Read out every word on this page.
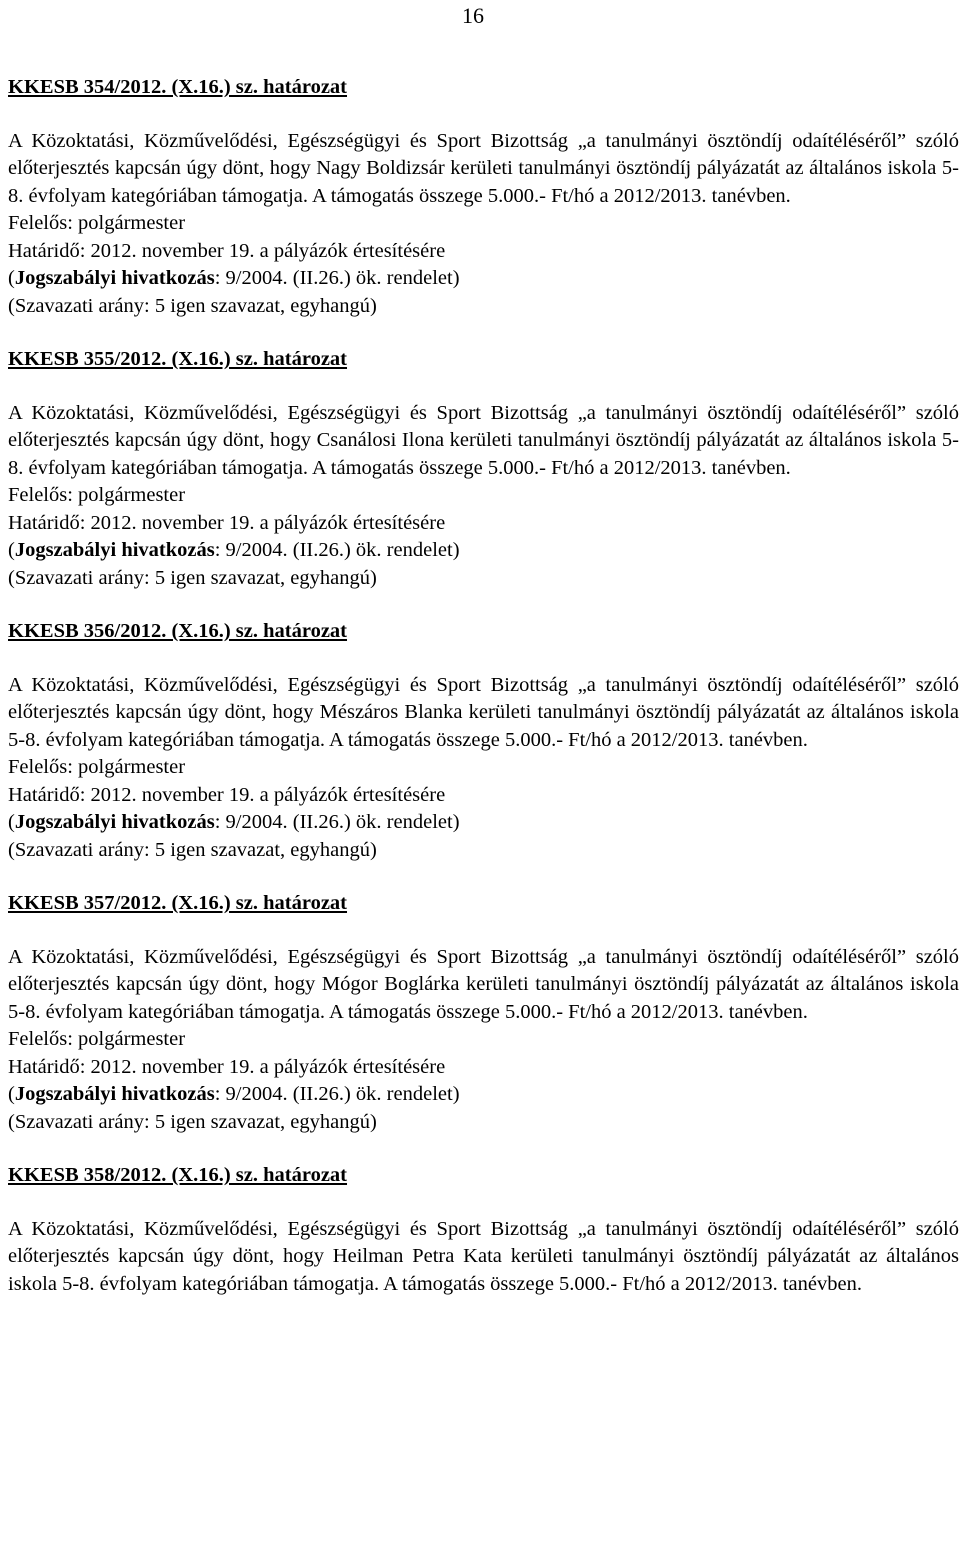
16

KKESB 354/2012. (X.16.) sz. határozat

A Közoktatási, Közművelődési, Egészségügyi és Sport Bizottság „a tanulmányi ösztöndíj odaítéléséről” szóló előterjesztés kapcsán úgy dönt, hogy Nagy Boldizsár kerületi tanulmányi ösztöndíj pályázatát az általános iskola 5-8. évfolyam kategóriában támogatja. A támogatás összege 5.000.- Ft/hó a 2012/2013. tanévben.

Felelős: polgármester

Határidő: 2012. november 19. a pályázók értesítésére

(Jogszabályi hivatkozás: 9/2004. (II.26.) ök. rendelet)

(Szavazati arány: 5 igen szavazat, egyhangú)

KKESB 355/2012. (X.16.) sz. határozat

A Közoktatási, Közművelődési, Egészségügyi és Sport Bizottság „a tanulmányi ösztöndíj odaítéléséről” szóló előterjesztés kapcsán úgy dönt, hogy Csanálosi Ilona kerületi tanulmányi ösztöndíj pályázatát az általános iskola 5-8. évfolyam kategóriában támogatja. A támogatás összege 5.000.- Ft/hó a 2012/2013. tanévben.

Felelős: polgármester

Határidő: 2012. november 19. a pályázók értesítésére

(Jogszabályi hivatkozás: 9/2004. (II.26.) ök. rendelet)

(Szavazati arány: 5 igen szavazat, egyhangú)

KKESB 356/2012. (X.16.) sz. határozat

A Közoktatási, Közművelődési, Egészségügyi és Sport Bizottság „a tanulmányi ösztöndíj odaítéléséről” szóló előterjesztés kapcsán úgy dönt, hogy Mészáros Blanka kerületi tanulmányi ösztöndíj pályázatát az általános iskola 5-8. évfolyam kategóriában támogatja. A támogatás összege 5.000.- Ft/hó a 2012/2013. tanévben.

Felelős: polgármester

Határidő: 2012. november 19. a pályázók értesítésére

(Jogszabályi hivatkozás: 9/2004. (II.26.) ök. rendelet)

(Szavazati arány: 5 igen szavazat, egyhangú)

KKESB 357/2012. (X.16.) sz. határozat

A Közoktatási, Közművelődési, Egészségügyi és Sport Bizottság „a tanulmányi ösztöndíj odaítéléséről” szóló előterjesztés kapcsán úgy dönt, hogy Mógor Boglárka kerületi tanulmányi ösztöndíj pályázatát az általános iskola 5-8. évfolyam kategóriában támogatja. A támogatás összege 5.000.- Ft/hó a 2012/2013. tanévben.

Felelős: polgármester

Határidő: 2012. november 19. a pályázók értesítésére

(Jogszabályi hivatkozás: 9/2004. (II.26.) ök. rendelet)

(Szavazati arány: 5 igen szavazat, egyhangú)

KKESB 358/2012. (X.16.) sz. határozat

A Közoktatási, Közművelődési, Egészségügyi és Sport Bizottság „a tanulmányi ösztöndíj odaítéléséről” szóló előterjesztés kapcsán úgy dönt, hogy Heilman Petra Kata kerületi tanulmányi ösztöndíj pályázatát az általános iskola 5-8. évfolyam kategóriában támogatja. A támogatás összege 5.000.- Ft/hó a 2012/2013. tanévben.
